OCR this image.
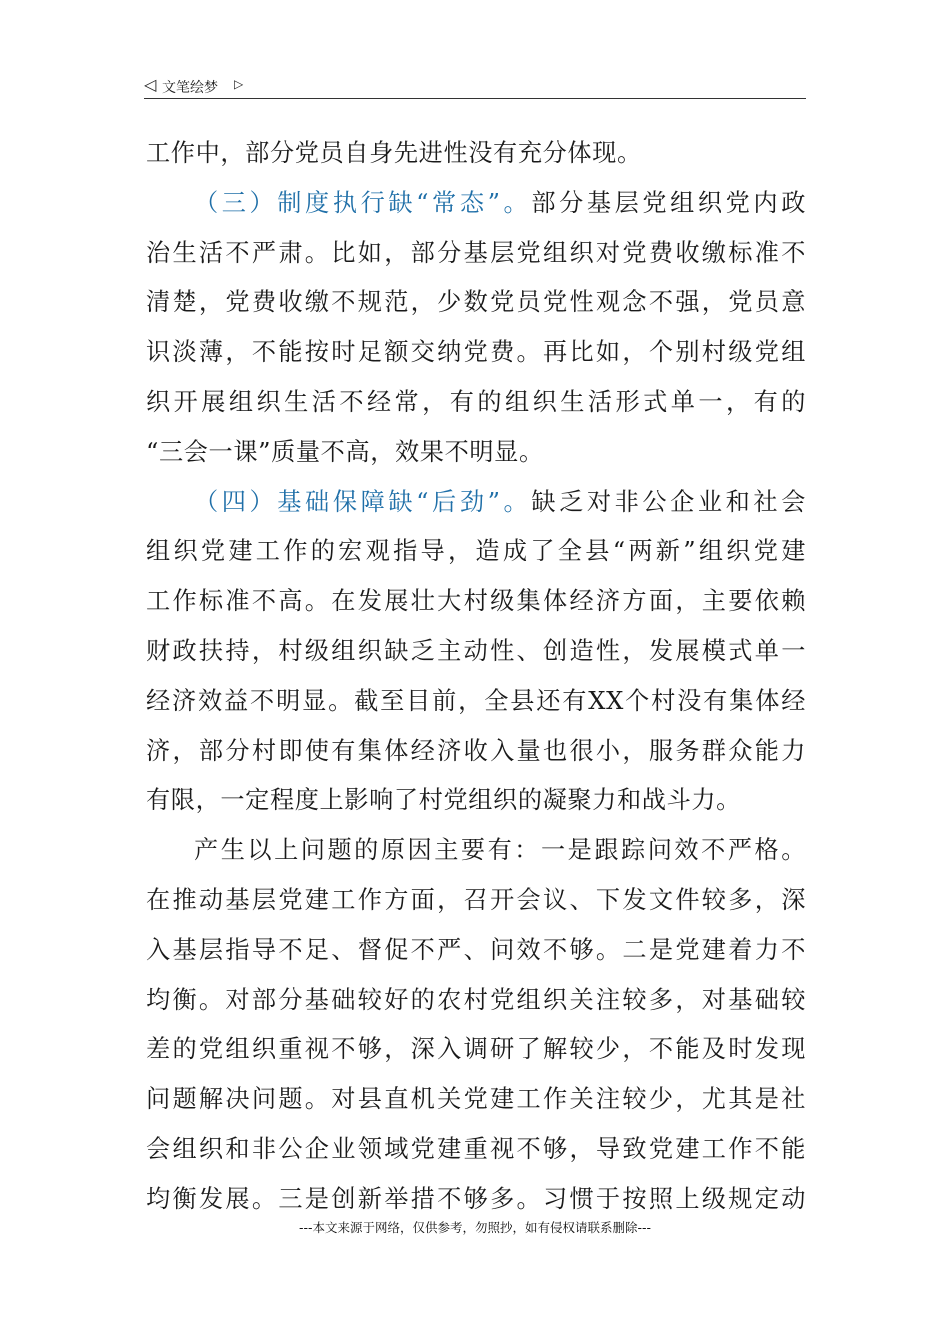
◁ 文笔绘梦 ▷
工作中，部分党员自身先进性没有充分体现。
（三）制度执行缺“常态”。部分基层党组织党内政
治生活不严肃。比如，部分基层党组织对党费收缴标准不
清楚，党费收缴不规范，少数党员党性观念不强，党员意
识淡薄，不能按时足额交纳党费。再比如，个别村级党组
织开展组织生活不经常，有的组织生活形式单一，有的
“三会一课”质量不高，效果不明显。
（四）基础保障缺“后劲”。缺乏对非公企业和社会
组织党建工作的宏观指导，造成了全县“两新”组织党建
工作标准不高。在发展壮大村级集体经济方面，主要依赖
财政扶持，村级组织缺乏主动性、创造性，发展模式单一
经济效益不明显。截至目前，全县还有XX个村没有集体经
济，部分村即使有集体经济收入量也很小，服务群众能力
有限，一定程度上影响了村党组织的凝聚力和战斗力。
产生以上问题的原因主要有：一是跟踪问效不严格。
在推动基层党建工作方面，召开会议、下发文件较多，深
入基层指导不足、督促不严、问效不够。二是党建着力不
均衡。对部分基础较好的农村党组织关注较多，对基础较
差的党组织重视不够，深入调研了解较少，不能及时发现
问题解决问题。对县直机关党建工作关注较少，尤其是社
会组织和非公企业领域党建重视不够，导致党建工作不能
均衡发展。三是创新举措不够多。习惯于按照上级规定动
---本文来源于网络，仅供参考，勿照抄，如有侵权请联系删除---
